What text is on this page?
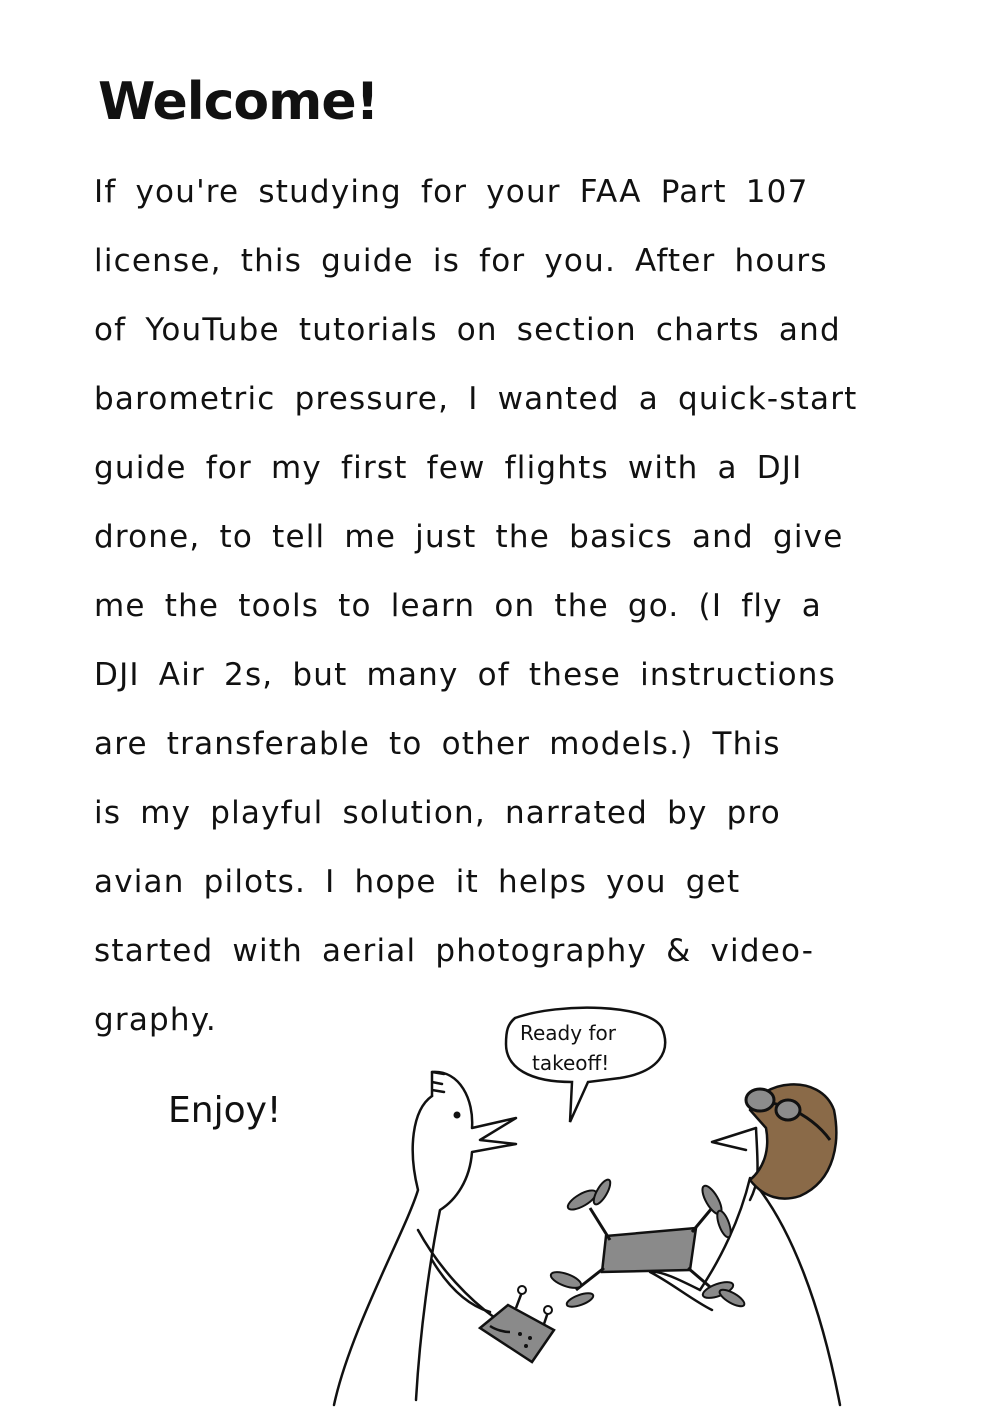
Welcome!
If you're studying for your FAA Part 107
license, this guide is for you. After hours
of YouTube tutorials on section charts and
barometric pressure, I wanted a quick-start
guide for my first few flights with a DJI
drone, to tell me just the basics and give
me the tools to learn on the go. (I fly a
DJI Air 2s, but many of these instructions
are transferable to other models.) This
is my playful solution, narrated by pro
avian pilots. I hope it helps you get
started with aerial photography & video-
graphy.

Enjoy!

Ready for
takeoff!
